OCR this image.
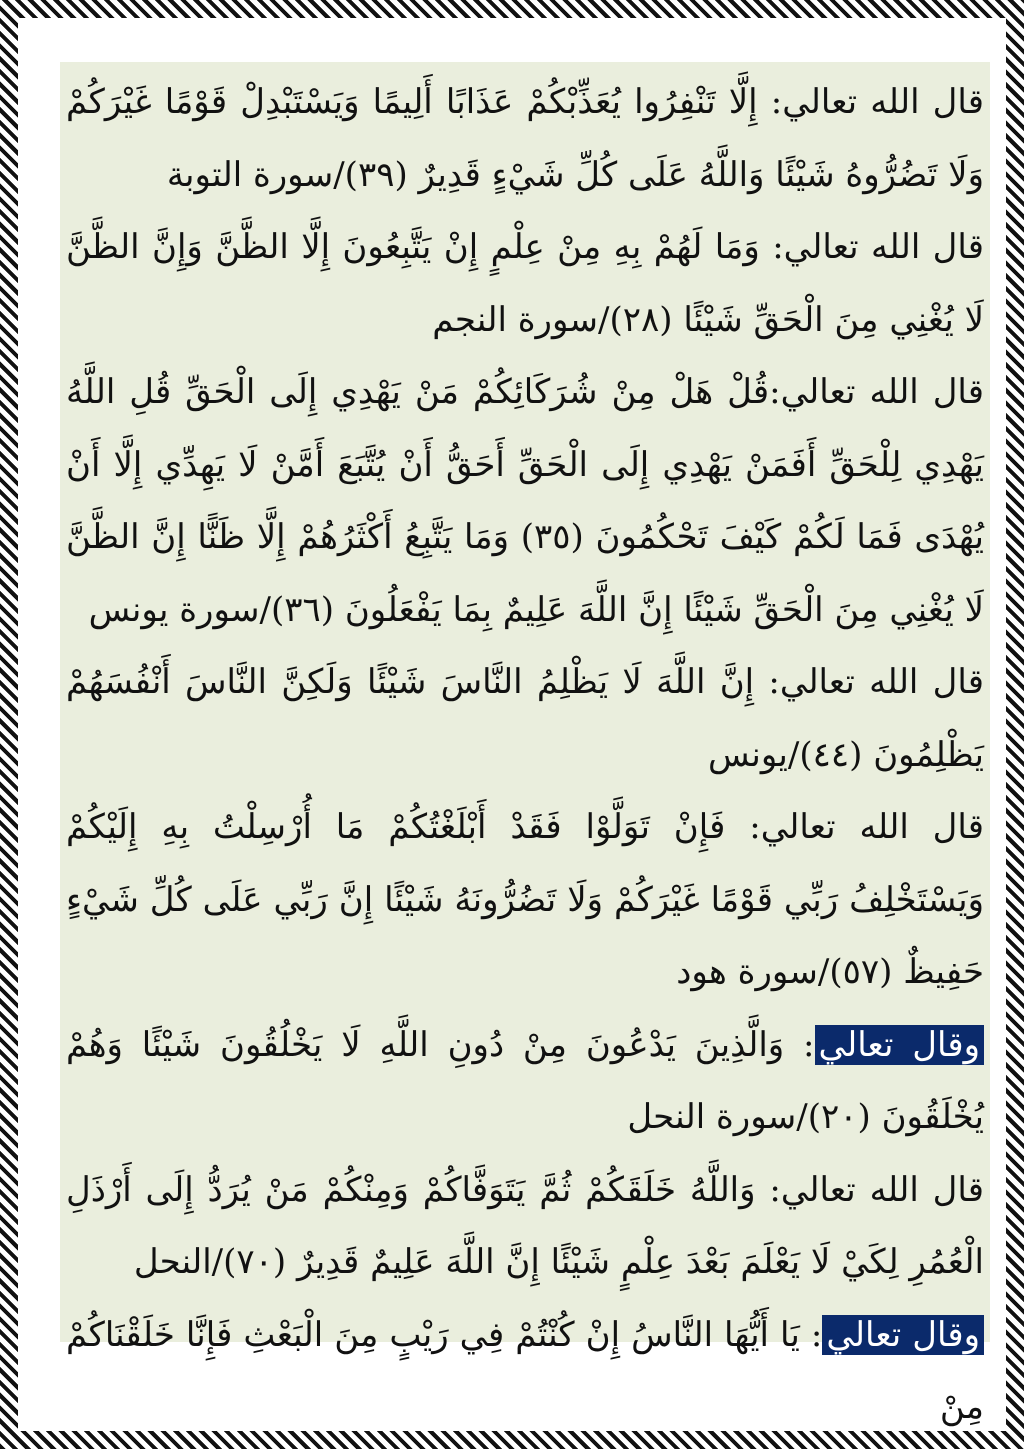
قال الله تعالي: إِلَّا تَنْفِرُوا يُعَذِّبْكُمْ عَذَابًا أَلِيمًا وَيَسْتَبْدِلْ قَوْمًا غَيْرَكُمْ وَلَا تَضُرُّوهُ شَيْئًا وَاللَّهُ عَلَى كُلِّ شَيْءٍ قَدِيرٌ (٣٩)/سورة التوبة

قال الله تعالي: وَمَا لَهُمْ بِهِ مِنْ عِلْمٍ إِنْ يَتَّبِعُونَ إِلَّا الظَّنَّ وَإِنَّ الظَّنَّ لَا يُغْنِي مِنَ الْحَقِّ شَيْئًا (٢٨)/سورة النجم

قال الله تعالي:قُلْ هَلْ مِنْ شُرَكَائِكُمْ مَنْ يَهْدِي إِلَى الْحَقِّ قُلِ اللَّهُ يَهْدِي لِلْحَقِّ أَفَمَنْ يَهْدِي إِلَى الْحَقِّ أَحَقُّ أَنْ يُتَّبَعَ أَمَّنْ لَا يَهِدِّي إِلَّا أَنْ يُهْدَى فَمَا لَكُمْ كَيْفَ تَحْكُمُونَ (٣٥) وَمَا يَتَّبِعُ أَكْثَرُهُمْ إِلَّا ظَنًّا إِنَّ الظَّنَّ لَا يُغْنِي مِنَ الْحَقِّ شَيْئًا إِنَّ اللَّهَ عَلِيمٌ بِمَا يَفْعَلُونَ (٣٦)/سورة يونس

قال الله تعالي: إِنَّ اللَّهَ لَا يَظْلِمُ النَّاسَ شَيْئًا وَلَكِنَّ النَّاسَ أَنْفُسَهُمْ يَظْلِمُونَ (٤٤)/يونس

قال الله تعالي: فَإِنْ تَوَلَّوْا فَقَدْ أَبْلَغْتُكُمْ مَا أُرْسِلْتُ بِهِ إِلَيْكُمْ وَيَسْتَخْلِفُ رَبِّي قَوْمًا غَيْرَكُمْ وَلَا تَضُرُّونَهُ شَيْئًا إِنَّ رَبِّي عَلَى كُلِّ شَيْءٍ حَفِيظٌ (٥٧)/سورة هود

وقال تعالي: وَالَّذِينَ يَدْعُونَ مِنْ دُونِ اللَّهِ لَا يَخْلُقُونَ شَيْئًا وَهُمْ يُخْلَقُونَ (٢٠)/سورة النحل

قال الله تعالي: وَاللَّهُ خَلَقَكُمْ ثُمَّ يَتَوَفَّاكُمْ وَمِنْكُمْ مَنْ يُرَدُّ إِلَى أَرْذَلِ الْعُمُرِ لِكَيْ لَا يَعْلَمَ بَعْدَ عِلْمٍ شَيْئًا إِنَّ اللَّهَ عَلِيمٌ قَدِيرٌ (٧٠)/النحل

وقال تعالي: يَا أَيُّهَا النَّاسُ إِنْ كُنْتُمْ فِي رَيْبٍ مِنَ الْبَعْثِ فَإِنَّا خَلَقْنَاكُمْ مِنْ
